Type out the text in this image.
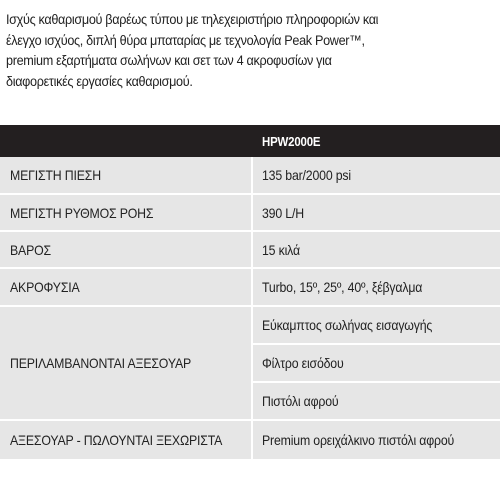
Ισχύς καθαρισμού βαρέως τύπου με τηλεχειριστήριο πληροφοριών και
έλεγχο ισχύος, διπλή θύρα μπαταρίας με τεχνολογία Peak Power™,
premium εξαρτήματα σωλήνων και σετ των 4 ακροφυσίων για
διαφορετικές εργασίες καθαρισμού.
	HPW2000E
ΜΕΓΙΣΤΗ ΠΙΕΣΗ	135 bar/2000 psi
ΜΕΓΙΣΤΗ ΡΥΘΜΟΣ ΡΟΗΣ	390 L/H
ΒΑΡΟΣ	15 κιλά
ΑΚΡΟΦΥΣΙΑ	Turbo, 15º, 25º, 40º, ξέβγαλμα
ΠΕΡΙΛΑΜΒΑΝΟΝΤΑΙ ΑΞΕΣΟΥΑΡ	Εύκαμπτος σωλήνας εισαγωγής
	Φίλτρο εισόδου
	Πιστόλι αφρού
ΑΞΕΣΟΥΑΡ - ΠΩΛΟΥΝΤΑΙ ΞΕΧΩΡΙΣΤΑ	Premium ορειχάλκινο πιστόλι αφρού
